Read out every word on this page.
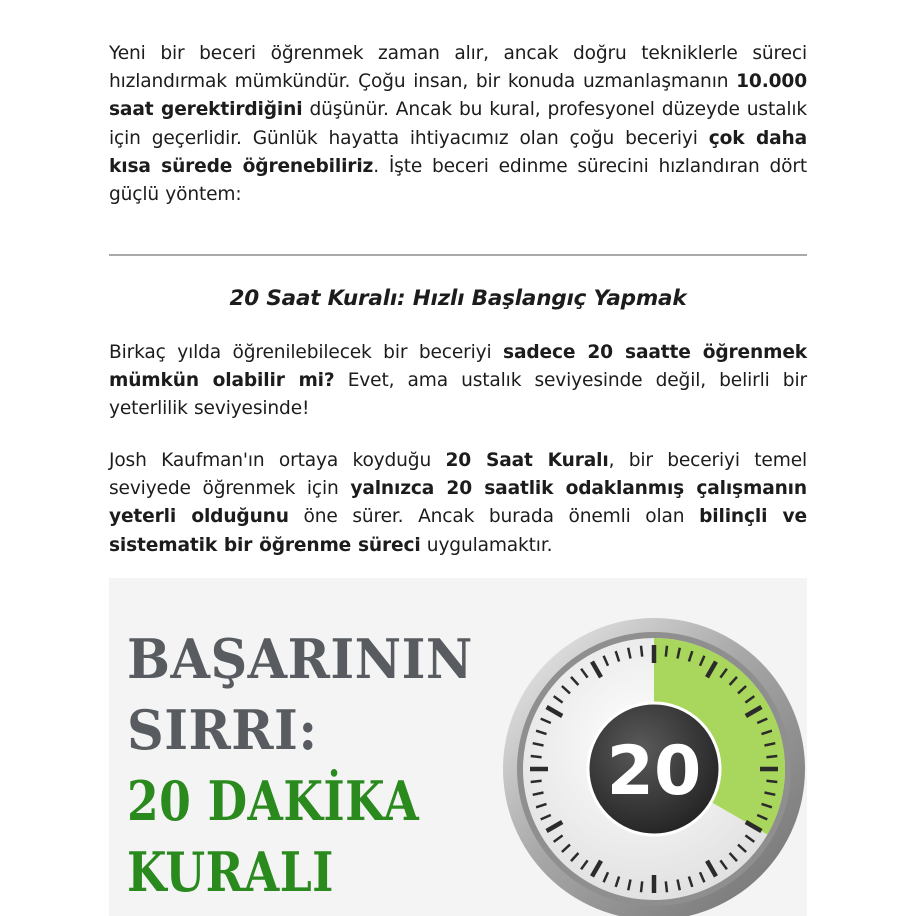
Yeni bir beceri öğrenmek zaman alır, ancak doğru tekniklerle süreci hızlandırmak mümkündür. Çoğu insan, bir konuda uzmanlaşmanın 10.000 saat gerektirdiğini düşünür. Ancak bu kural, profesyonel düzeyde ustalık için geçerlidir. Günlük hayatta ihtiyacımız olan çoğu beceriyi çok daha kısa sürede öğrenebiliriz. İşte beceri edinme sürecini hızlandıran dört güçlü yöntem:

20 Saat Kuralı: Hızlı Başlangıç Yapmak

Birkaç yılda öğrenilebilecek bir beceriyi sadece 20 saatte öğrenmek mümkün olabilir mi? Evet, ama ustalık seviyesinde değil, belirli bir yeterlilik seviyesinde!

Josh Kaufman'ın ortaya koyduğu 20 Saat Kuralı, bir beceriyi temel seviyede öğrenmek için yalnızca 20 saatlik odaklanmış çalışmanın yeterli olduğunu öne sürer. Ancak burada önemli olan bilinçli ve sistematik bir öğrenme süreci uygulamaktır.

BAŞARININ
SIRRI:
20 DAKİKA
KURALI
20
